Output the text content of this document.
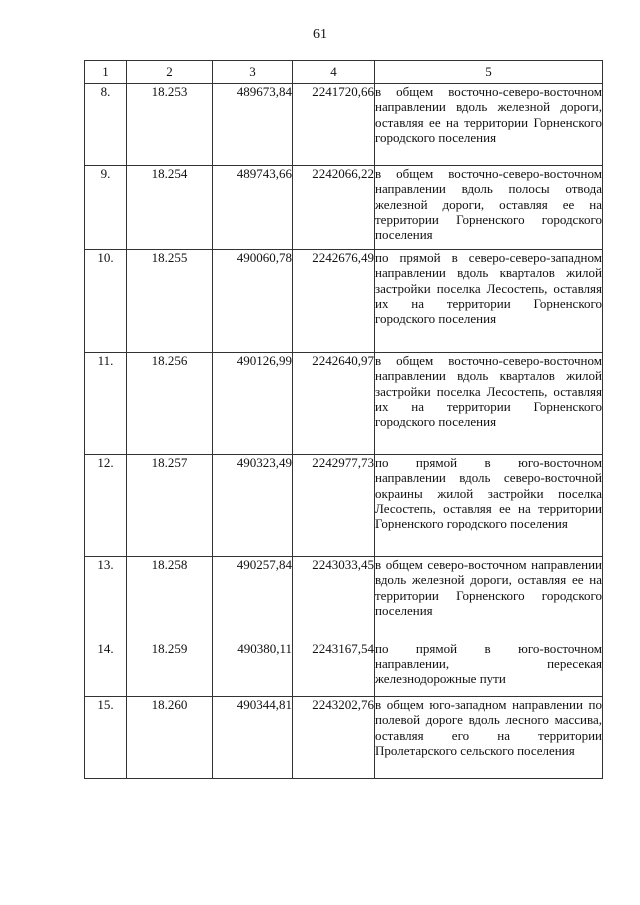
61
1	2	3	4	5
8.	18.253	489673,84	2241720,66	в общем восточно-северо-восточном направлении вдоль железной дороги, оставляя ее на территории Горненского городского поселения
9.	18.254	489743,66	2242066,22	в общем восточно-северо-восточном направлении вдоль полосы отвода железной дороги, оставляя ее на территории Горненского городского поселения
10.	18.255	490060,78	2242676,49	по прямой в северо-северо-западном направлении вдоль кварталов жилой застройки поселка Лесостепь, оставляя их на территории Горненского городского поселения
11.	18.256	490126,99	2242640,97	в общем восточно-северо-восточном направлении вдоль кварталов жилой застройки поселка Лесостепь, оставляя их на территории Горненского городского поселения
12.	18.257	490323,49	2242977,73	по прямой в юго-восточном направлении вдоль северо-восточной окраины жилой застройки поселка Лесостепь, оставляя ее на территории Горненского городского поселения
13.	18.258	490257,84	2243033,45	в общем северо-восточном направлении вдоль железной дороги, оставляя ее на территории Горненского городского поселения
14.	18.259	490380,11	2243167,54	по прямой в юго-восточном направлении, пересекая железнодорожные пути
15.	18.260	490344,81	2243202,76	в общем юго-западном направлении по полевой дороге вдоль лесного массива, оставляя его на территории Пролетарского сельского поселения
